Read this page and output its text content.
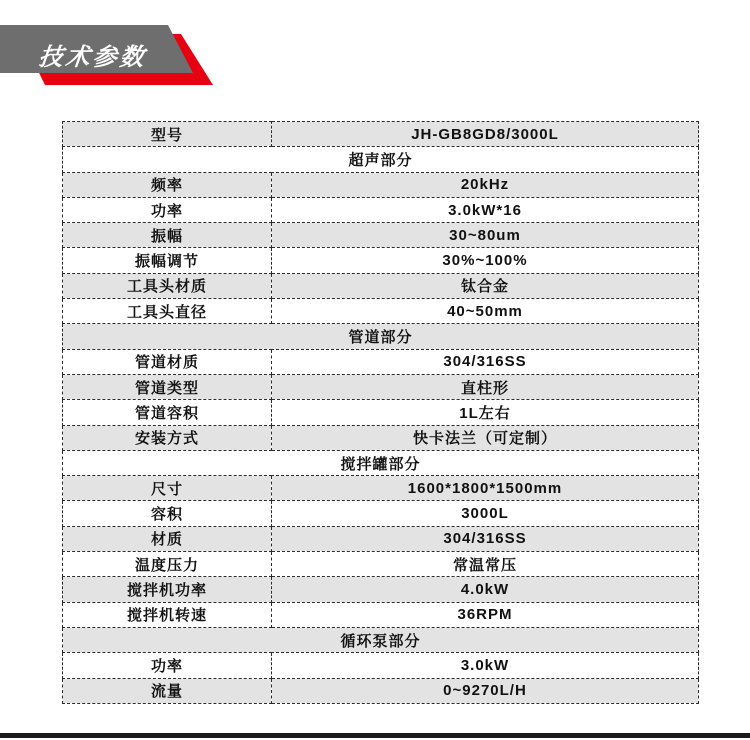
技术参数
型号	JH-GB8GD8/3000L
超声部分	
频率	20kHz
功率	3.0kW*16
振幅	30~80um
振幅调节	30%~100%
工具头材质	钛合金
工具头直径	40~50mm
管道部分	
管道材质	304/316SS
管道类型	直柱形
管道容积	1L左右
安装方式	快卡法兰（可定制）
搅拌罐部分	
尺寸	1600*1800*1500mm
容积	3000L
材质	304/316SS
温度压力	常温常压
搅拌机功率	4.0kW
搅拌机转速	36RPM
循环泵部分	
功率	3.0kW
流量	0~9270L/H
